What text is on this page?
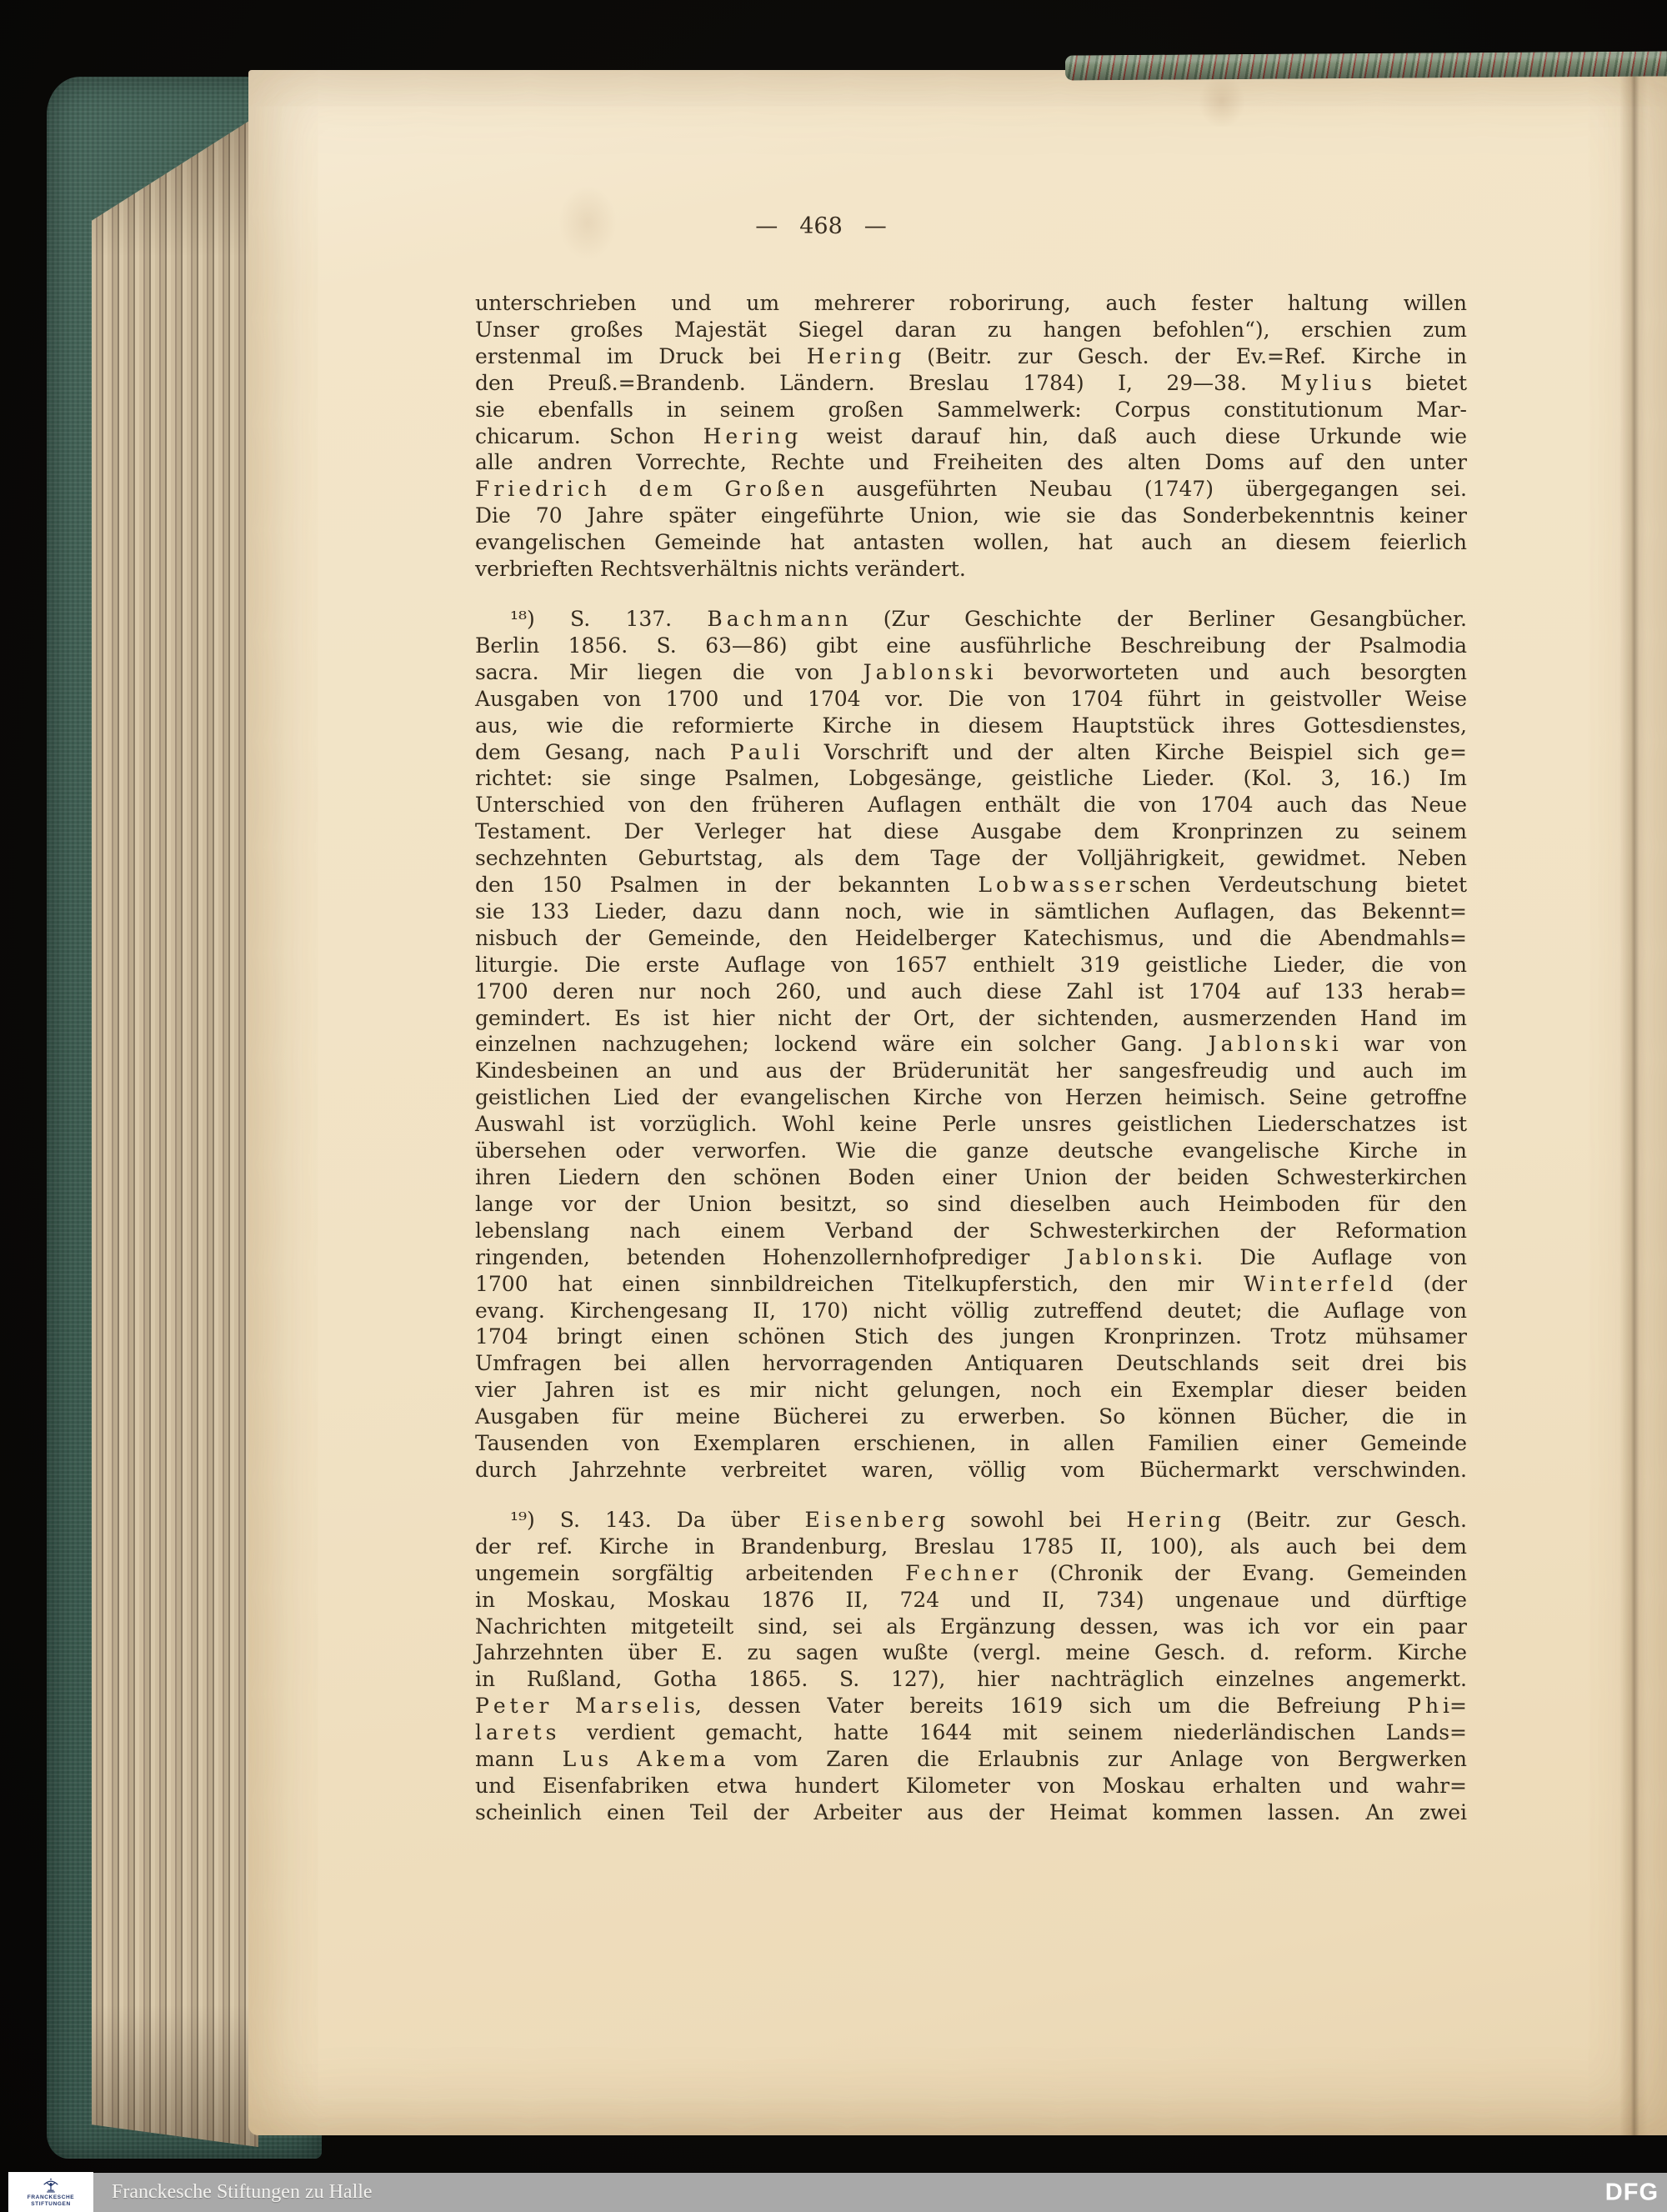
— 468 —
unterschrieben und um mehrerer roborirung, auch fester haltung willen
Unser großes Majestät Siegel daran zu hangen befohlen“), erschien zum
erstenmal im Druck bei H e r i n g (Beitr. zur Gesch. der Ev.=Ref. Kirche in
den Preuß.=Brandenb. Ländern. Breslau 1784) I, 29—38. M y l i u s bietet
sie ebenfalls in seinem großen Sammelwerk: Corpus constitutionum Mar-
chicarum. Schon H e r i n g weist darauf hin, daß auch diese Urkunde wie
alle andren Vorrechte, Rechte und Freiheiten des alten Doms auf den unter
F r i e d r i c h d e m G r o ß e n ausgeführten Neubau (1747) übergegangen sei.
Die 70 Jahre später eingeführte Union, wie sie das Sonderbekenntnis keiner
evangelischen Gemeinde hat antasten wollen, hat auch an diesem feierlich
verbrieften Rechtsverhältnis nichts verändert.
¹⁸) S. 137. B a c h m a n n (Zur Geschichte der Berliner Gesangbücher.
Berlin 1856. S. 63—86) gibt eine ausführliche Beschreibung der Psalmodia
sacra. Mir liegen die von J a b l o n s k i bevorworteten und auch besorgten
Ausgaben von 1700 und 1704 vor. Die von 1704 führt in geistvoller Weise
aus, wie die reformierte Kirche in diesem Hauptstück ihres Gottesdienstes,
dem Gesang, nach P a u l i Vorschrift und der alten Kirche Beispiel sich ge=
richtet: sie singe Psalmen, Lobgesänge, geistliche Lieder. (Kol. 3, 16.) Im
Unterschied von den früheren Auflagen enthält die von 1704 auch das Neue
Testament. Der Verleger hat diese Ausgabe dem Kronprinzen zu seinem
sechzehnten Geburtstag, als dem Tage der Volljährigkeit, gewidmet. Neben
den 150 Psalmen in der bekannten L o b w a s s e r schen Verdeutschung bietet
sie 133 Lieder, dazu dann noch, wie in sämtlichen Auflagen, das Bekennt=
nisbuch der Gemeinde, den Heidelberger Katechismus, und die Abendmahls=
liturgie. Die erste Auflage von 1657 enthielt 319 geistliche Lieder, die von
1700 deren nur noch 260, und auch diese Zahl ist 1704 auf 133 herab=
gemindert. Es ist hier nicht der Ort, der sichtenden, ausmerzenden Hand im
einzelnen nachzugehen; lockend wäre ein solcher Gang. J a b l o n s k i war von
Kindesbeinen an und aus der Brüderunität her sangesfreudig und auch im
geistlichen Lied der evangelischen Kirche von Herzen heimisch. Seine getroffne
Auswahl ist vorzüglich. Wohl keine Perle unsres geistlichen Liederschatzes ist
übersehen oder verworfen. Wie die ganze deutsche evangelische Kirche in
ihren Liedern den schönen Boden einer Union der beiden Schwesterkirchen
lange vor der Union besitzt, so sind dieselben auch Heimboden für den
lebenslang nach einem Verband der Schwesterkirchen der Reformation
ringenden, betenden Hohenzollernhofprediger J a b l o n s k i. Die Auflage von
1700 hat einen sinnbildreichen Titelkupferstich, den mir W i n t e r f e l d (der
evang. Kirchengesang II, 170) nicht völlig zutreffend deutet; die Auflage von
1704 bringt einen schönen Stich des jungen Kronprinzen. Trotz mühsamer
Umfragen bei allen hervorragenden Antiquaren Deutschlands seit drei bis
vier Jahren ist es mir nicht gelungen, noch ein Exemplar dieser beiden
Ausgaben für meine Bücherei zu erwerben. So können Bücher, die in
Tausenden von Exemplaren erschienen, in allen Familien einer Gemeinde
durch Jahrzehnte verbreitet waren, völlig vom Büchermarkt verschwinden.
¹⁹) S. 143. Da über E i s e n b e r g sowohl bei H e r i n g (Beitr. zur Gesch.
der ref. Kirche in Brandenburg, Breslau 1785 II, 100), als auch bei dem
ungemein sorgfältig arbeitenden F e c h n e r (Chronik der Evang. Gemeinden
in Moskau, Moskau 1876 II, 724 und II, 734) ungenaue und dürftige
Nachrichten mitgeteilt sind, sei als Ergänzung dessen, was ich vor ein paar
Jahrzehnten über E. zu sagen wußte (vergl. meine Gesch. d. reform. Kirche
in Rußland, Gotha 1865. S. 127), hier nachträglich einzelnes angemerkt.
P e t e r M a r s e l i s, dessen Vater bereits 1619 sich um die Befreiung P h i=
l a r e t s verdient gemacht, hatte 1644 mit seinem niederländischen Lands=
mann L u s A k e m a vom Zaren die Erlaubnis zur Anlage von Bergwerken
und Eisenfabriken etwa hundert Kilometer von Moskau erhalten und wahr=
scheinlich einen Teil der Arbeiter aus der Heimat kommen lassen. An zwei
DFG
FRANCKESCHE
STIFTUNGEN
Franckesche Stiftungen zu Halle
